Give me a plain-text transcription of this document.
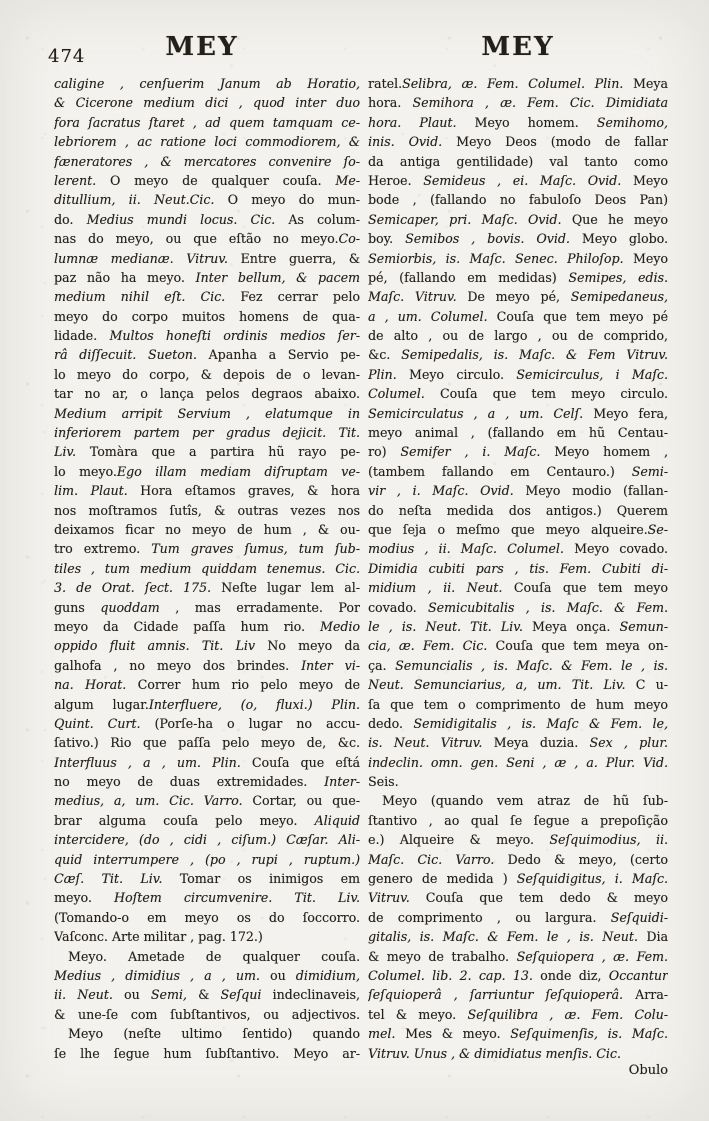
474	MEY	MEY
caligine , cenſuerim Janum ab Horatio,
& Cicerone medium dici , quod inter duo
fora ſacratus ſtaret , ad quem tamquam ce-
lebriorem , ac ratione loci commodiorem, &
fæneratores , & mercatores convenire ſo-
lerent. O meyo de qualquer couſa. Me-
ditullium, ii. Neut.Cic. O meyo do mun-
do. Medius mundi locus. Cic. As colum-
nas do meyo, ou que eſtão no meyo.Co-
lumnæ medianæ. Vitruv. Entre guerra, &
paz não ha meyo. Inter bellum, & pacem
medium nihil eſt. Cic. Fez cerrar pelo
meyo do corpo muitos homens de qua-
lidade. Multos honeſti ordinis medios ſer-
râ diſſecuit. Sueton. Apanha a Servio pe-
lo meyo do corpo, & depois de o levan-
tar no ar, o lança pelos degraos abaixo.
Medium arripit Servium , elatumque in
inferiorem partem per gradus dejicit. Tit.
Liv. Tomàra que a partira hũ rayo pe-
lo meyo.Ego illam mediam diſruptam ve-
lim. Plaut. Hora eſtamos graves, & hora
nos moſtramos ſutîs, & outras vezes nos
deixamos ficar no meyo de hum , & ou-
tro extremo. Tum graves ſumus, tum ſub-
tiles , tum medium quiddam tenemus. Cic.
3. de Orat. ſect. 175. Neſte lugar lem al-
guns quoddam , mas erradamente. Por
meyo da Cidade paſſa hum rio. Medio
oppido fluit amnis. Tit. Liv No meyo da
galhofa , no meyo dos brindes. Inter vi-
na. Horat. Correr hum rio pelo meyo de
algum lugar.Interfluere, (o, fluxi.) Plin.
Quint. Curt. (Porſe-ha o lugar no accu-
ſativo.) Rio que paſſa pelo meyo de, &c.
Interfluus , a , um. Plin. Couſa que eſtá
no meyo de duas extremidades. Inter-
medius, a, um. Cic. Varro. Cortar, ou que-
brar alguma couſa pelo meyo. Aliquid
intercidere, (do , cidi , ciſum.) Cæſar. Ali-
quid interrumpere , (po , rupi , ruptum.)
Cæſ. Tit. Liv. Tomar os inimigos em
meyo. Hoſtem circumvenire. Tit. Liv.
(Tomando-o em meyo os do ſoccorro.
Vaſconc. Arte militar , pag. 172.)
Meyo. Ametade de qualquer couſa.
Medius , dimidius , a , um. ou dimidium,
ii. Neut. ou Semi, & Seſqui indeclinaveis,
& une-ſe com ſubſtantivos, ou adjectivos.
Meyo (neſte ultimo ſentido) quando
ſe lhe ſegue hum ſubſtantivo. Meyo ar-
ratel.Selibra, æ. Fem. Columel. Plin. Meya
hora. Semihora , æ. Fem. Cic. Dimidiata
hora. Plaut. Meyo homem. Semihomo,
inis. Ovid. Meyo Deos (modo de fallar
da antiga gentilidade) val tanto como
Heroe. Semideus , ei. Maſc. Ovid. Meyo
bode , (fallando no fabuloſo Deos Pan)
Semicaper, pri. Maſc. Ovid. Que he meyo
boy. Semibos , bovis. Ovid. Meyo globo.
Semiorbis, is. Maſc. Senec. Philoſop. Meyo
pé, (fallando em medidas) Semipes, edis.
Maſc. Vitruv. De meyo pé, Semipedaneus,
a , um. Columel. Couſa que tem meyo pé
de alto , ou de largo , ou de comprido,
&c. Semipedalis, is. Maſc. & Fem Vitruv.
Plin. Meyo circulo. Semicirculus, i Maſc.
Columel. Couſa que tem meyo circulo.
Semicirculatus , a , um. Celſ. Meyo fera,
meyo animal , (fallando em hũ Centau-
ro) Semifer , i. Maſc. Meyo homem ,
(tambem fallando em Centauro.) Semi-
vir , i. Maſc. Ovid. Meyo modio (fallan-
do neſta medida dos antigos.) Querem
que ſeja o meſmo que meyo alqueire.Se-
modius , ii. Maſc. Columel. Meyo covado.
Dimidia cubiti pars , tis. Fem. Cubiti di-
midium , ii. Neut. Couſa que tem meyo
covado. Semicubitalis , is. Maſc. & Fem.
le , is. Neut. Tit. Liv. Meya onça. Semun-
cia, æ. Fem. Cic. Couſa que tem meya on-
ça. Semuncialis , is. Maſc. & Fem. le , is.
Neut. Semunciarius, a, um. Tit. Liv. C u-
ſa que tem o comprimento de hum meyo
dedo. Semidigitalis , is. Maſc & Fem. le,
is. Neut. Vitruv. Meya duzia. Sex , plur.
indeclin. omn. gen. Seni , æ , a. Plur. Vid.
Seis.
Meyo (quando vem atraz de hũ ſub-
ſtantivo , ao qual ſe ſegue a prepoſição
e.) Alqueire & meyo. Seſquimodius, ii.
Maſc. Cic. Varro. Dedo & meyo, (certo
genero de medida ) Seſquidigitus, i. Maſc.
Vitruv. Couſa que tem dedo & meyo
de comprimento , ou largura. Seſquidi-
gitalis, is. Maſc. & Fem. le , is. Neut. Dia
& meyo de trabalho. Seſquiopera , æ. Fem.
Columel. lib. 2. cap. 13. onde diz, Occantur
ſeſquioperâ , ſarriuntur ſeſquioperâ. Arra-
tel & meyo. Seſquilibra , æ. Fem. Colu-
mel. Mes & meyo. Seſquimenſis, is. Maſc.
Vitruv. Unus , & dimidiatus menſis. Cic.
Obulo
